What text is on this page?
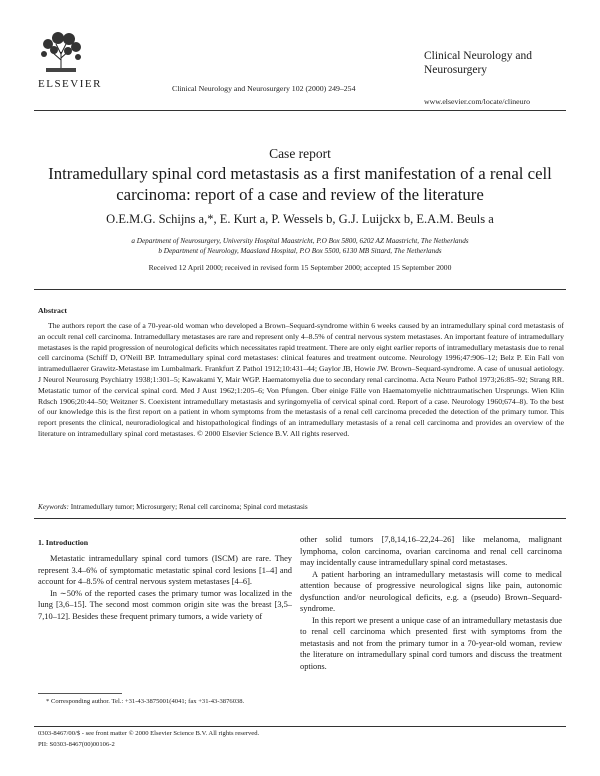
ELSEVIER	Clinical Neurology and Neurosurgery 102 (2000) 249–254
Clinical Neurology and Neurosurgery
www.elsevier.com/locate/clineuro
Case report
Intramedullary spinal cord metastasis as a first manifestation of a renal cell carcinoma: report of a case and review of the literature
O.E.M.G. Schijns a,*, E. Kurt a, P. Wessels b, G.J. Luijckx b, E.A.M. Beuls a
a Department of Neurosurgery, University Hospital Maastricht, P.O Box 5800, 6202 AZ Maastricht, The Netherlands
b Department of Neurology, Maasland Hospital, P.O Box 5500, 6130 MB Sittard, The Netherlands
Received 12 April 2000; received in revised form 15 September 2000; accepted 15 September 2000
Abstract
The authors report the case of a 70-year-old woman who developed a Brown–Sequard-syndrome within 6 weeks caused by an intramedullary spinal cord metastasis of an occult renal cell carcinoma. Intramedullary metastases are rare and represent only 4–8.5% of central nervous system metastases. An important feature of intramedullary metastases is the rapid progression of neurological deficits which necessitates rapid treatment. There are only eight earlier reports of intramedullary metastasis due to renal cell carcinoma (Schiff D, O'Neill BP. Intramedullary spinal cord metastases: clinical features and treatment outcome. Neurology 1996;47:906–12; Belz P. Ein Fall von intramedullaerer Grawitz-Metastase im Lumbalmark. Frankfurt Z Pathol 1912;10:431–44; Gaylor JB, Howie JW. Brown–Sequard-syndrome. A case of unusual aetiology. J Neurol Neurosurg Psychiatry 1938;1:301–5; Kawakami Y, Mair WGP. Haematomyelia due to secondary renal carcinoma. Acta Neuro Pathol 1973;26:85–92; Strang RR. Metastatic tumor of the cervical spinal cord. Med J Aust 1962;1:205–6; Von Pfungen. Über einige Fälle von Haematomyelie nichttraumatischen Ursprungs. Wien Klin Rdsch 1906;20:44–50; Weitzner S. Coexistent intramedullary metastasis and syringomyelia of cervical spinal cord. Report of a case. Neurology 1960;674–8). To the best of our knowledge this is the first report on a patient in whom symptoms from the metastasis of a renal cell carcinoma preceded the detection of the primary tumor. This report presents the clinical, neuroradiological and histopathological findings of an intramedullary metastasis of a renal cell carcinoma and provides an overview of the literature on intramedullary spinal cord metastases. © 2000 Elsevier Science B.V. All rights reserved.
Keywords: Intramedullary tumor; Microsurgery; Renal cell carcinoma; Spinal cord metastasis
1. Introduction

Metastatic intramedullary spinal cord tumors (ISCM) are rare. They represent 3.4–6% of symptomatic metastatic spinal cord lesions [1–4] and account for 4–8.5% of central nervous system metastases [4–6].

In ∼50% of the reported cases the primary tumor was localized in the lung [3,6–15]. The second most common origin site was the breast [3,5–7,10–12]. Besides these frequent primary tumors, a wide variety of

other solid tumors [7,8,14,16–22,24–26] like melanoma, malignant lymphoma, colon carcinoma, ovarian carcinoma and renal cell carcinoma may incidentally cause intramedullary spinal cord metastases.

A patient harboring an intramedullary metastasis will come to medical attention because of progressive neurological signs like pain, autonomic dysfunction and/or neurological deficits, e.g. a (pseudo) Brown–Sequard-syndrome.

In this report we present a unique case of an intramedullary metastasis due to renal cell carcinoma which presented first with symptoms from the metastasis and not from the primary tumor in a 70-year-old woman, review the literature on intramedullary spinal cord tumors and discuss the treatment options.

* Corresponding author. Tel.: +31-43-3875001(4041; fax +31-43-3876038.
0303-8467/00/$ - see front matter © 2000 Elsevier Science B.V. All rights reserved.
PII: S0303-8467(00)00106-2
